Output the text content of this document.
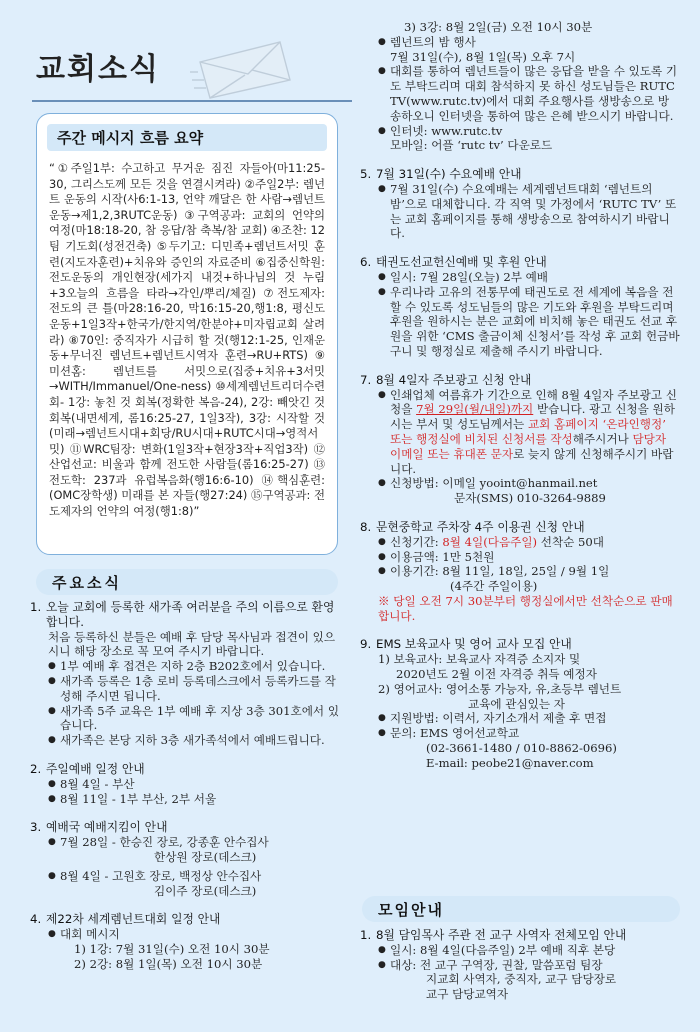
교회소식
주간 메시지 흐름 요약
“①주일1부: 수고하고 무거운 짐진 자들아(마11:25-30, 그리스도께 모든 것을 연결시켜라) ②주일2부: 렘넌트 운동의 시작(사6:1-13, 언약 깨달은 한 사람→렘넌트운동→제1,2,3RUTC운동) ③구역공과: 교회의 언약의 여정(마18:18-20, 참 응답/참 축복/참 교회) ④조찬: 12팀 기도회(성전건축) ⑤두기고: 디민족+렘넌트서밋 훈련(지도자훈련)+치유와 증인의 자료준비 ⑥집중신학원: 전도운동의 개인현장(세가지 내것+하나님의 것 누림+3오늘의 흐름을 타라→각인/뿌리/체질) ⑦전도제자: 전도의 큰 틀(마28:16-20, 막16:15-20,행1:8, 평신도운동+1일3작+한국가/한지역/한분야+미자립교회 살려라) ⑧70인: 중직자가 시급히 할 것(행12:1-25, 인재운동+무너진 렘넌트+렘넌트시역자 훈련→RU+RTS) ⑨미션홈: 렘넌트를 서밋으로(집중+치유+3서밋→WITH/Immanuel/One-ness) ⑩세계렘넌트리더수련회- 1강: 놓친 것 회복(정확한 복음-24), 2강: 빼앗긴 것 회복(내면세계, 롬16:25-27, 1일3작), 3강: 시작할 것(미래→렘넌트시대+회당/RU시대+RUTC시대→영적서밋) ⑪WRC팀장: 변화(1일3작+현장3작+직업3작) ⑫산업선교: 비울과 함께 전도한 사람들(롬16:25-27) ⑬전도학: 237과 유럽복음화(행16:6-10) ⑭핵심훈련: (OMC장학생) 미래를 본 자들(행27:24) ⑮구역공과: 전도제자의 언약의 여정(행1:8)”
주요소식
모임안내
1. 오늘 교회에 등록한 새가족 여러분을 주의 이름으로 환영합니다.
처음 등록하신 분들은 예배 후 담당 목사님과 접견이 있으시니 해당 장소로 꼭 모여 주시기 바랍니다.
● 1부 예배 후 접견은 지하 2층 B202호에서 있습니다.
● 새가족 등록은 1층 로비 등록데스크에서 등록카드를 작성해 주시면 됩니다.
● 새가족 5주 교육은 1부 예배 후 지상 3층 301호에서 있습니다.
● 새가족은 본당 지하 3층 새가족석에서 예배드립니다.
2. 주일예배 일정 안내
● 8월 4일 - 부산
● 8월 11일 - 1부 부산, 2부 서울
3. 예배국 예배지킴이 안내
● 7월 28일 - 한승진 장로, 강종훈 안수집사
한상원 장로(데스크)
● 8월 4일 - 고원호 장로, 백정상 안수집사
김이주 장로(데스크)
4. 제22차 세계렘넌트대회 일정 안내
● 대회 메시지
1) 1강: 7월 31일(수) 오전 10시 30분
2) 2강: 8월 1일(목) 오전 10시 30분
3) 3강: 8월 2일(금) 오전 10시 30분
● 렘넌트의 밤 행사
7월 31일(수), 8월 1일(목) 오후 7시
● 대회를 통하여 렘넌트들이 많은 응답을 받을 수 있도록 기도 부탁드리며 대회 참석하지 못 하신 성도님들은 RUTC TV(www.rutc.tv)에서 대회 주요행사를 생방송으로 방송하오니 인터넷을 통하여 많은 은혜 받으시기 바랍니다.
● 인터넷: www.rutc.tv
모바일: 어플 ‘rutc tv’ 다운로드
5. 7월 31일(수) 수요예배 안내
● 7월 31일(수) 수요예배는 세계렘넌트대회 ‘렘넌트의 밤’으로 대체합니다. 각 직역 및 가정에서 ‘RUTC TV’ 또는 교회 홈페이지를 통해 생방송으로 참여하시기 바랍니다.
6. 태권도선교헌신예배 및 후원 안내
● 일시: 7월 28일(오늘) 2부 예배
● 우리나라 고유의 전통무예 태권도로 전 세계에 복음을 전할 수 있도록 성도님들의 많은 기도와 후원을 부탁드리며 후원을 원하시는 분은 교회에 비치해 놓은 태권도 선교 후원을 위한 ‘CMS 출금이체 신청서’를 작성 후 교회 헌금바구니 및 행정실로 제출해 주시기 바랍니다.
7. 8월 4일자 주보광고 신청 안내
● 인쇄업체 여름휴가 기간으로 인해 8월 4일자 주보광고 신청을 7월 29일(월/내일)까지 받습니다. 광고 신청을 원하시는 부서 및 성도님께서는 교회 홈페이지 ‘온라인행정’ 또는 행정실에 비치된 신청서를 작성해주시거나 담당자 이메일 또는 휴대폰 문자로 늦지 않게 신청해주시기 바랍니다.
● 신청방법: 이메일 yooint@hanmail.net
문자(SMS) 010-3264-9889
8. 문현중학교 주차장 4주 이용권 신청 안내
● 신청기간: 8월 4일(다음주일) 선착순 50대
● 이용금액: 1만 5천원
● 이용기간: 8월 11일, 18일, 25일 / 9월 1일
(4주간 주일이용)
※ 당일 오전 7시 30분부터 행정실에서만 선착순으로 판매합니다.
9. EMS 보육교사 및 영어 교사 모집 안내
1) 보육교사: 보육교사 자격증 소지자 및
2020년도 2월 이전 자격증 취득 예정자
2) 영어교사: 영어소통 가능자, 유,초등부 렘넌트
교육에 관심있는 자
● 지원방법: 이력서, 자기소개서 제출 후 면접
● 문의: EMS 영어선교학교
(02-3661-1480 / 010-8862-0696)
E-mail: peobe21@naver.com
1. 8월 담임목사 주관 전 교구 사역자 전체모임 안내
● 일시: 8월 4일(다음주일) 2부 예배 직후 본당
● 대상: 전 교구 구역장, 권찰, 말씀포럼 팀장
지교회 사역자, 중직자, 교구 담당장로
교구 담당교역자
